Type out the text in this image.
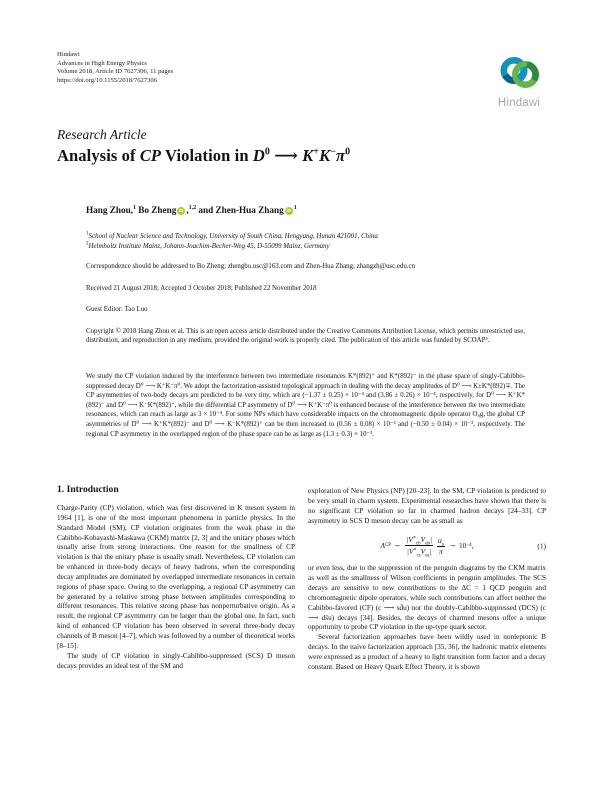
Hindawi
Advances in High Energy Physics
Volume 2018, Article ID 7627306, 11 pages
https://doi.org/10.1155/2018/7627306
Hindawi
Research Article
Analysis of CP Violation in $D^0$ ⟶ $K^+K^-\pi^0$
Hang Zhou,$^1$ Bo Zheng iD ,$^{1,2}$ and Zhen-Hua Zhang iD $^1$
$^1$School of Nuclear Science and Technology, University of South China, Hengyang, Hunan 421001, China
$^2$Helmholtz Institute Mainz, Johann-Joachim-Becher-Weg 45, D-55099 Mainz, Germany
Correspondence should be addressed to Bo Zheng; zhengbo.usc@163.com and Zhen-Hua Zhang; zhangzh@usc.edu.cn
Received 21 August 2018; Accepted 3 October 2018; Published 22 November 2018
Guest Editor: Tao Luo
Copyright © 2018 Hang Zhou et al. This is an open access article distributed under the Creative Commons Attribution License, which permits unrestricted use, distribution, and reproduction in any medium, provided the original work is properly cited. The publication of this article was funded by SCOAP³.
We study the CP violation induced by the interference between two intermediate resonances K*(892)⁺ and K*(892)⁻ in the phase space of singly-Cabibbo-suppressed decay D⁰ ⟶ K⁺K⁻π⁰. We adopt the factorization-assisted topological approach in dealing with the decay amplitudes of D⁰ ⟶ K±K*(892)∓. The CP asymmetries of two-body decays are predicted to be very tiny, which are (−1.37 ± 0.25) × 10⁻⁴ and (3.86 ± 0.26) × 10⁻⁴, respectively, for D⁰ ⟶ K⁺K*(892)⁻ and D⁰ ⟶ K⁻K*(892)⁺, while the differential CP asymmetry of D⁰ ⟶ K⁺K⁻π⁰ is enhanced because of the interference between the two intermediate resonances, which can reach as large as 3 × 10⁻⁴. For some NPs which have considerable impacts on the chromomagnetic dipole operator O₈g, the global CP asymmetries of D⁰ ⟶ K⁺K*(892)⁻ and D⁰ ⟶ K⁻K*(892)⁺ can be then increased to (0.56 ± 0.08) × 10⁻³ and (−0.50 ± 0.04) × 10⁻³, respectively. The regional CP asymmetry in the overlapped region of the phase space can be as large as (1.3 ± 0.3) × 10⁻³.
1. Introduction

Charge-Parity (CP) violation, which was first discovered in K meson system in 1964 [1], is one of the most important phenomena in particle physics. In the Standard Model (SM), CP violation originates from the weak phase in the Cabibbo-Kobayashi-Maskawa (CKM) matrix [2, 3] and the unitary phases which usually arise from strong interactions. One reason for the smallness of CP violation is that the unitary phase is usually small. Nevertheless, CP violation can be enhanced in three-body decays of heavy hadrons, when the corresponding decay amplitudes are dominated by overlapped intermediate resonances in certain regions of phase space. Owing to the overlapping, a regional CP asymmetry can be generated by a relative strong phase between amplitudes corresponding to different resonances. This relative strong phase has nonperturbative origin. As a result, the regional CP asymmetry can be larger than the global one. In fact, such kind of enhanced CP violation has been observed in several three-body decay channels of B meson [4–7], which was followed by a number of theoretical works [8–15].

The study of CP violation in singly-Cabibbo-suppressed (SCS) D meson decays provides an ideal test of the SM and

exploration of New Physics (NP) [20–23]. In the SM, CP violation is predicted to be very small in charm system. Experimental researches have shown that there is no significant CP violation so far in charmed hadron decays [24–33]. CP asymmetry in SCS D meson decay can be as small as

A CP ∼ $\frac{|V^∗_{cb}V_{ub}|}{|V^∗_{cs}V_{us}|} \frac{\alpha_s}{\pi}$ ∼ 10 −4 ,	(1)

or even less, due to the suppression of the penguin diagrams by the CKM matrix as well as the smallness of Wilson coefficients in penguin amplitudes. The SCS decays are sensitive to new contributions to the ΔC = 1 QCD penguin and chromomagnetic dipole operators, while such contributions can affect neither the Cabibbo-favored (CF) (c ⟶ sd̄u) nor the doubly-Cabibbo-suppressed (DCS) (c ⟶ ds̄u) decays [34]. Besides, the decays of charmed mesons offer a unique opportunity to probe CP violation in the up-type quark sector.

Several factorization approaches have been wildly used in nonleptonic B decays. In the naive factorization approach [35, 36], the hadronic matrix elements were expressed as a product of a heavy to light transition form factor and a decay constant. Based on Heavy Quark Effect Theory, it is shown
